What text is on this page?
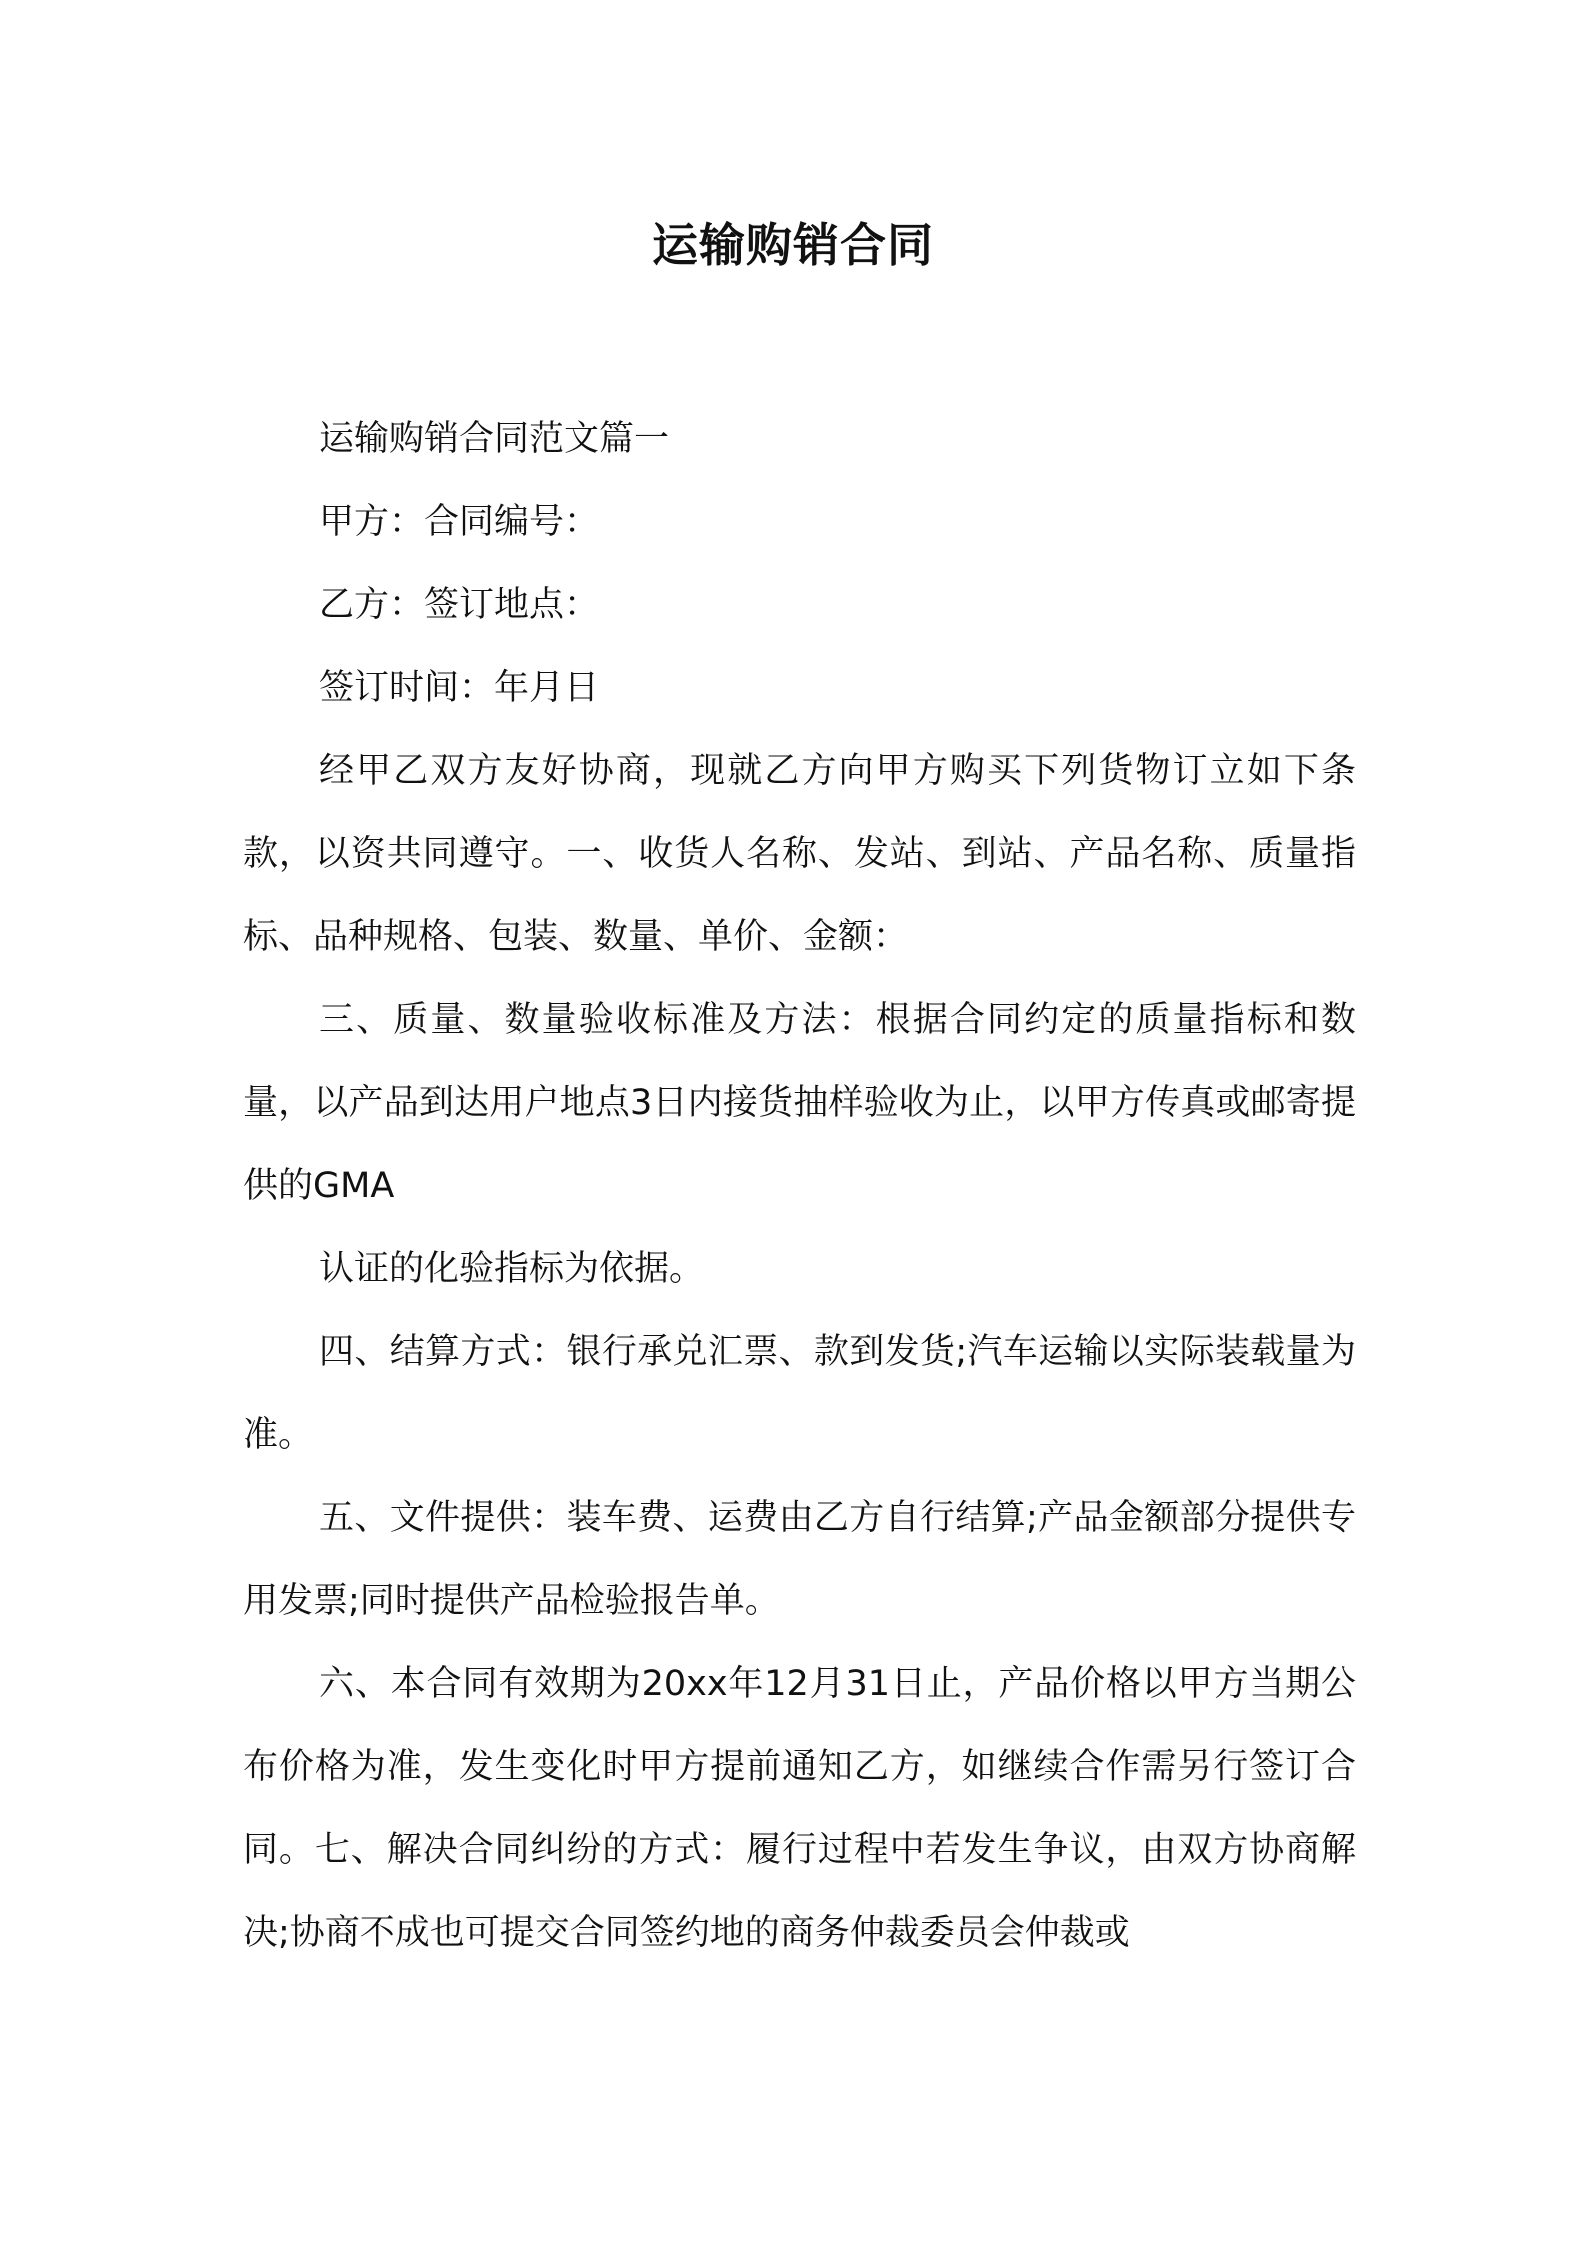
运输购销合同

运输购销合同范文篇一

甲方：合同编号：

乙方：签订地点：

签订时间：年月日

经甲乙双方友好协商，现就乙方向甲方购买下列货物订立如下条款，以资共同遵守。一、收货人名称、发站、到站、产品名称、质量指标、品种规格、包装、数量、单价、金额：

三、质量、数量验收标准及方法：根据合同约定的质量指标和数量，以产品到达用户地点3日内接货抽样验收为止，以甲方传真或邮寄提供的GMA

认证的化验指标为依据。

四、结算方式：银行承兑汇票、款到发货;汽车运输以实际装载量为准。

五、文件提供：装车费、运费由乙方自行结算;产品金额部分提供专用发票;同时提供产品检验报告单。

六、本合同有效期为20xx年12月31日止，产品价格以甲方当期公布价格为准，发生变化时甲方提前通知乙方，如继续合作需另行签订合同。七、解决合同纠纷的方式：履行过程中若发生争议，由双方协商解决;协商不成也可提交合同签约地的商务仲裁委员会仲裁或
